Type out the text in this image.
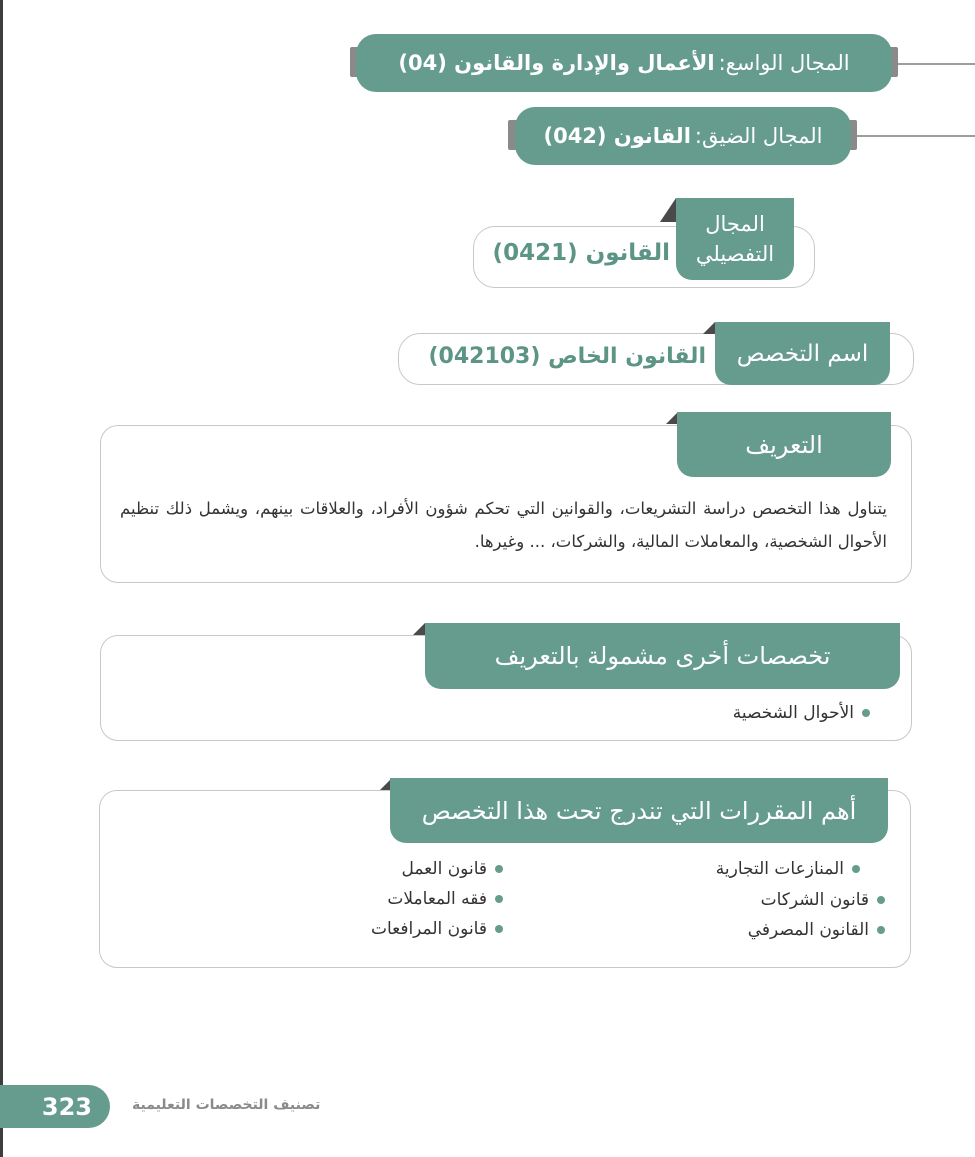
المجال الواسع:
الأعمال والإدارة والقانون (04)
المجال الضيق:
القانون (042)
المجال التفصيلي
القانون (0421)
اسم التخصص
القانون الخاص (042103)
التعريف
يتناول هذا التخصص دراسة التشريعات، والقوانين التي تحكم شؤون الأفراد، والعلاقات بينهم، ويشمل ذلك تنظيم الأحوال الشخصية، والمعاملات المالية، والشركات، ... وغيرها.
تخصصات أخرى مشمولة بالتعريف
الأحوال الشخصية
أهم المقررات التي تندرج تحت هذا التخصص
المنازعات التجارية
قانون الشركات
القانون المصرفي
قانون العمل
فقه المعاملات
قانون المرافعات
323	تصنيف التخصصات التعليمية
